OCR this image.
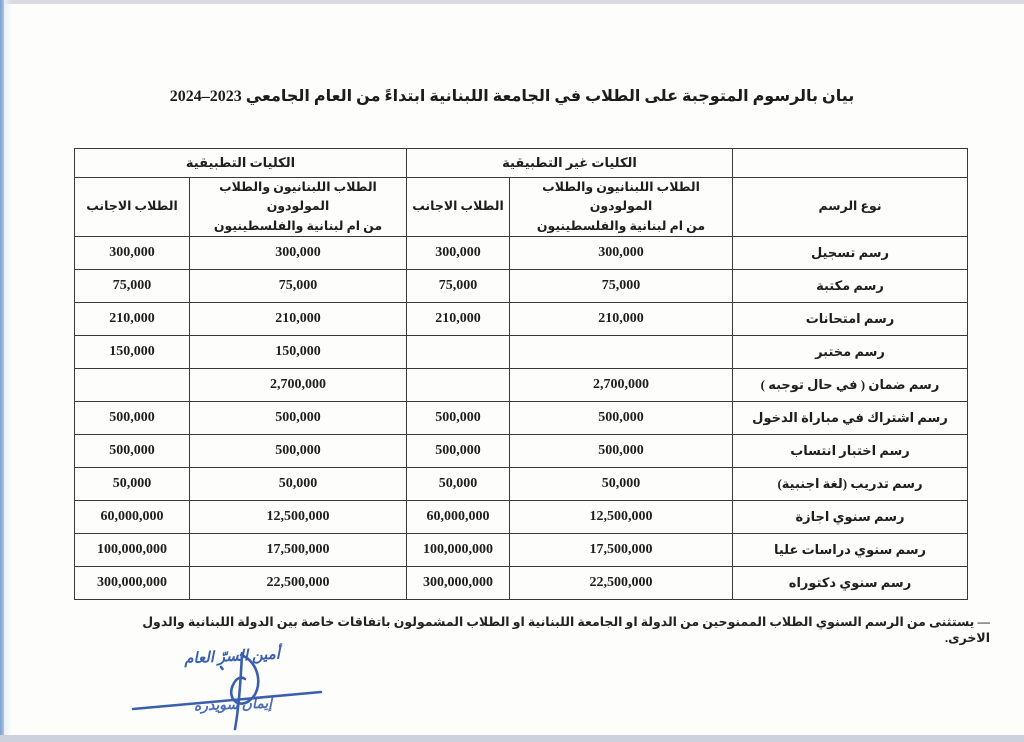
بيان بالرسوم المتوجبة على الطلاب في الجامعة اللبنانية ابتداءً من العام الجامعي 2023–2024
	الكليات غير التطبيقية		الكليات التطبيقية	
نوع الرسم	الطلاب اللبنانيون والطلاب المولودون
من ام لبنانية والفلسطينيون	الطلاب الاجانب	الطلاب اللبنانيون والطلاب المولودون
من ام لبنانية والفلسطينيون	الطلاب الاجانب
رسم تسجيل	300,000	300,000	300,000	300,000
رسم مكتبة	75,000	75,000	75,000	75,000
رسم امتحانات	210,000	210,000	210,000	210,000
رسم مختبر			150,000	150,000
رسم ضمان ( في حال توجبه )	2,700,000		2,700,000	
رسم اشتراك في مباراة الدخول	500,000	500,000	500,000	500,000
رسم اختبار انتساب	500,000	500,000	500,000	500,000
رسم تدريب (لغة اجنبية)	50,000	50,000	50,000	50,000
رسم سنوي اجازة	12,500,000	60,000,000	12,500,000	60,000,000
رسم سنوي دراسات عليا	17,500,000	100,000,000	17,500,000	100,000,000
رسم سنوي دكتوراه	22,500,000	300,000,000	22,500,000	300,000,000
— يستثنى من الرسم السنوي الطلاب الممنوحين من الدولة او الجامعة اللبنانية او الطلاب المشمولون باتفاقات خاصة بين الدولة اللبنانية والدول الاخرى.
أمين السرّ العام
إيمان سويدره
